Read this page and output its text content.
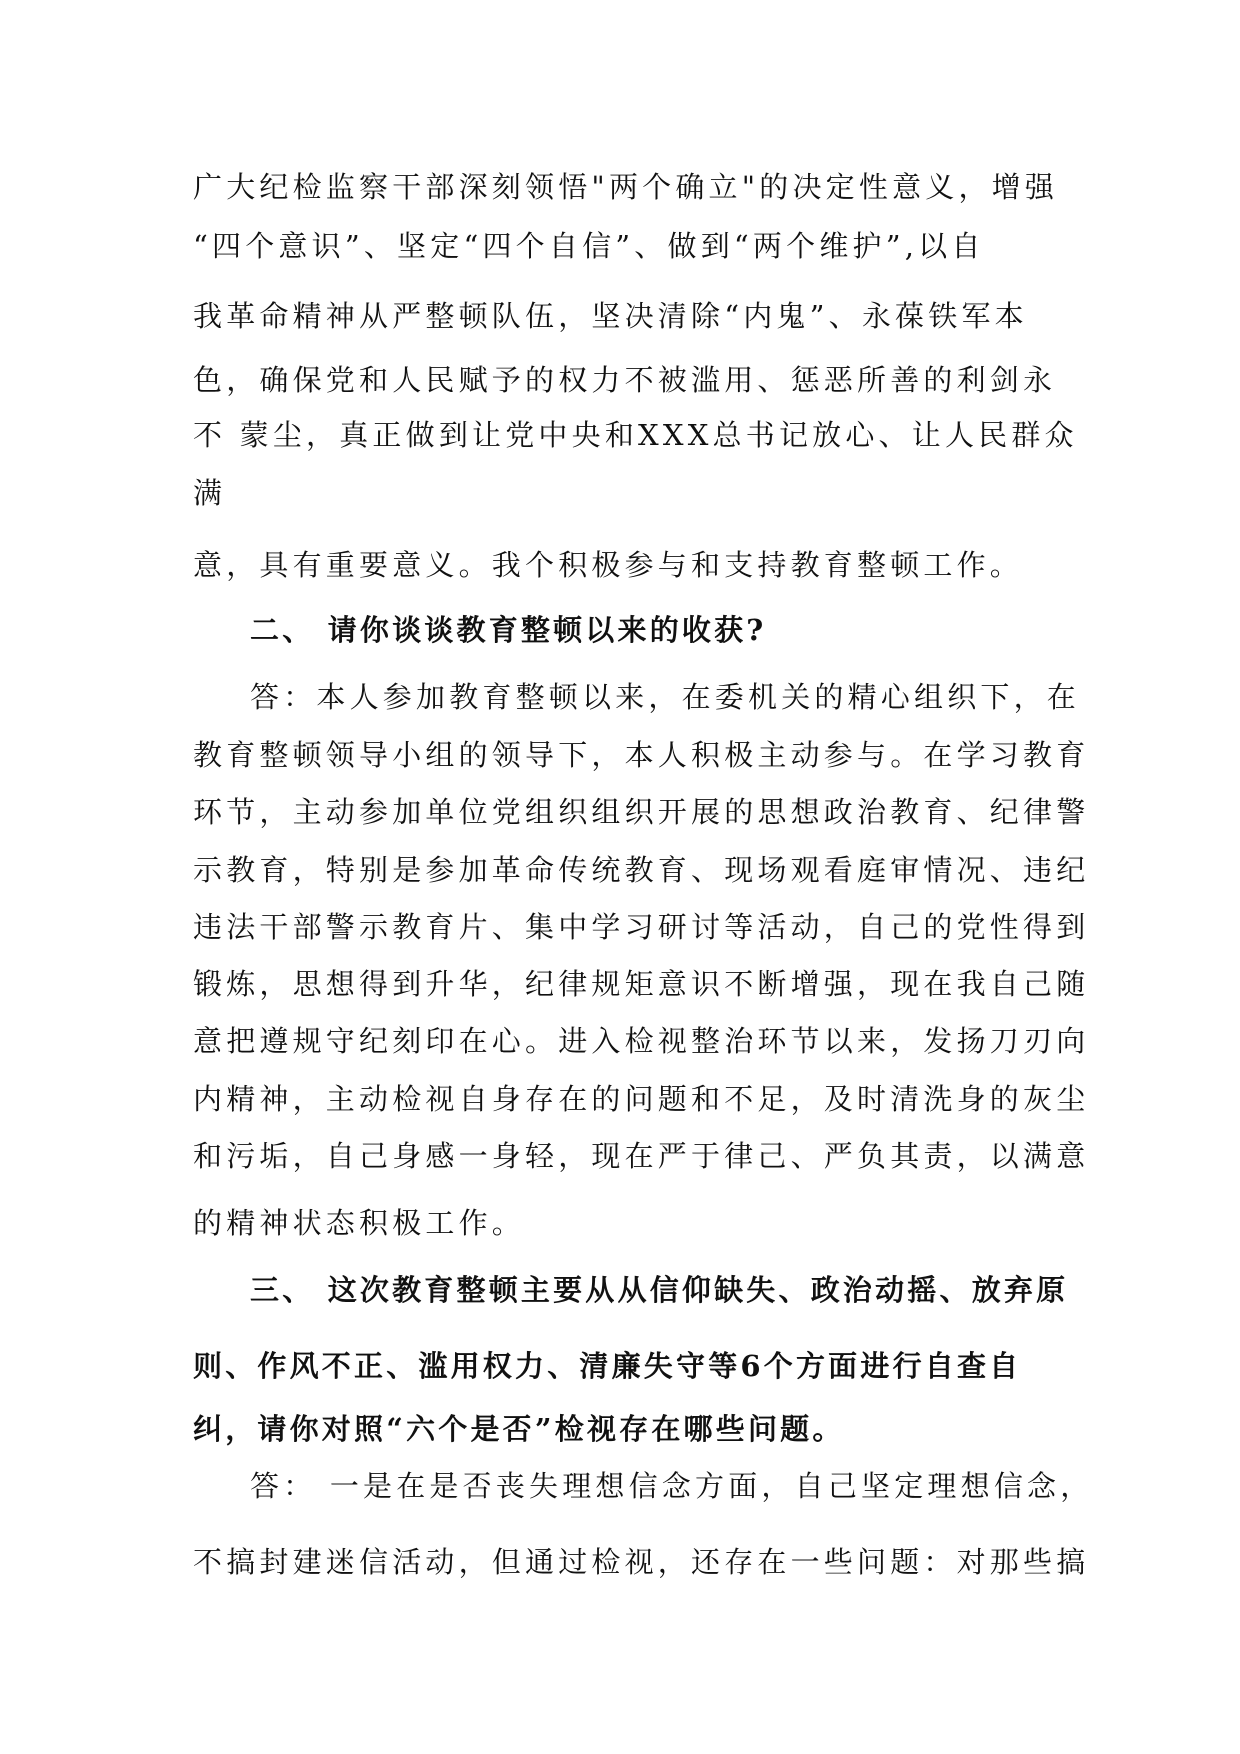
广大纪检监察干部深刻领悟"两个确立"的决定性意义，增强
“四个意识”、坚定“四个自信”、做到“两个维护”,以自
我革命精神从严整顿队伍，坚决清除“内鬼”、永葆铁军本
色，确保党和人民赋予的权力不被滥用、惩恶所善的利剑永
不 蒙尘，真正做到让党中央和XXX总书记放心、让人民群众
满
意，具有重要意义。我个积极参与和支持教育整顿工作。
二、 请你谈谈教育整顿以来的收获?
答：本人参加教育整顿以来，在委机关的精心组织下，在
教育整顿领导小组的领导下，本人积极主动参与。在学习教育
环节，主动参加单位党组织组织开展的思想政治教育、纪律警
示教育，特别是参加革命传统教育、现场观看庭审情况、违纪
违法干部警示教育片、集中学习研讨等活动，自己的党性得到
锻炼，思想得到升华，纪律规矩意识不断增强，现在我自己随
意把遵规守纪刻印在心。进入检视整治环节以来，发扬刀刃向
内精神，主动检视自身存在的问题和不足，及时清洗身的灰尘
和污垢，自己身感一身轻，现在严于律己、严负其责，以满意
的精神状态积极工作。
三、 这次教育整顿主要从从信仰缺失、政治动摇、放弃原
则、作风不正、滥用权力、清廉失守等6个方面进行自查自
纠，请你对照“六个是否”检视存在哪些问题。
答： 一是在是否丧失理想信念方面，自己坚定理想信念，
不搞封建迷信活动，但通过检视，还存在一些问题：对那些搞
